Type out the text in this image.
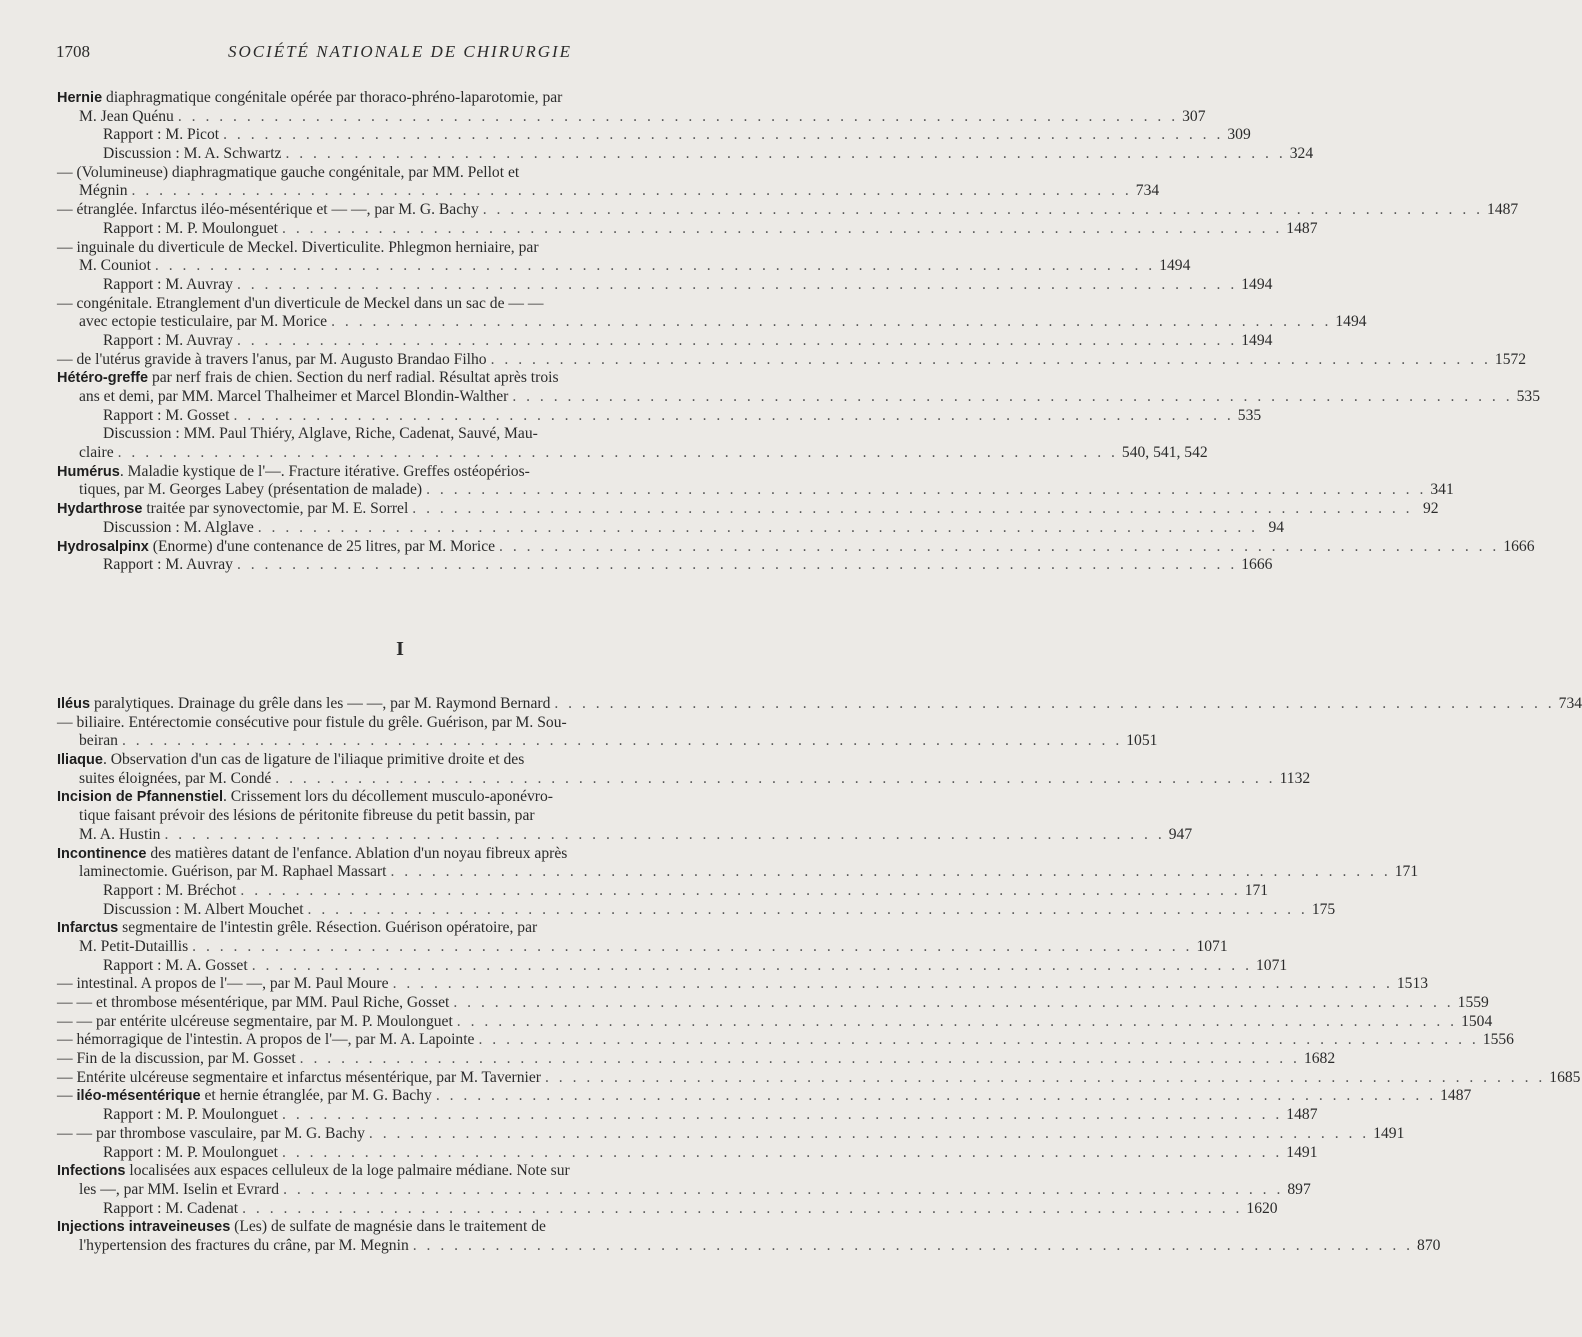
1708	SOCIÉTÉ NATIONALE DE CHIRURGIE
Hernie diaphragmatique congénitale opérée par thoraco-phréno-laparotomie, par
M. Jean Quénu . . . . . . . . . . . . . . . . . . . . . . . . . . . . . . . . . . . . . . . . . . . . . . . . . . . . . . . . . . . . . . . . . . . . . . . . . 307
Rapport : M. Picot . . . . . . . . . . . . . . . . . . . . . . . . . . . . . . . . . . . . . . . . . . . . . . . . . . . . . . . . . . . . . . . . . . . . . . . . . 309
Discussion : M. A. Schwartz . . . . . . . . . . . . . . . . . . . . . . . . . . . . . . . . . . . . . . . . . . . . . . . . . . . . . . . . . . . . . . . . . . . . . . . . . 324
— (Volumineuse) diaphragmatique gauche congénitale, par MM. Pellot et
Mégnin . . . . . . . . . . . . . . . . . . . . . . . . . . . . . . . . . . . . . . . . . . . . . . . . . . . . . . . . . . . . . . . . . . . . . . . . . 734
— étranglée. Infarctus iléo-mésentérique et — —, par M. G. Bachy . . . . . . . . . . . . . . . . . . . . . . . . . . . . . . . . . . . . . . . . . . . . . . . . . . . . . . . . . . . . . . . . . . . . . . . . . 1487
Rapport : M. P. Moulonguet . . . . . . . . . . . . . . . . . . . . . . . . . . . . . . . . . . . . . . . . . . . . . . . . . . . . . . . . . . . . . . . . . . . . . . . . . 1487
— inguinale du diverticule de Meckel. Diverticulite. Phlegmon herniaire, par
M. Couniot . . . . . . . . . . . . . . . . . . . . . . . . . . . . . . . . . . . . . . . . . . . . . . . . . . . . . . . . . . . . . . . . . . . . . . . . . 1494
Rapport : M. Auvray . . . . . . . . . . . . . . . . . . . . . . . . . . . . . . . . . . . . . . . . . . . . . . . . . . . . . . . . . . . . . . . . . . . . . . . . . 1494
— congénitale. Etranglement d'un diverticule de Meckel dans un sac de — —
avec ectopie testiculaire, par M. Morice . . . . . . . . . . . . . . . . . . . . . . . . . . . . . . . . . . . . . . . . . . . . . . . . . . . . . . . . . . . . . . . . . . . . . . . . . 1494
Rapport : M. Auvray . . . . . . . . . . . . . . . . . . . . . . . . . . . . . . . . . . . . . . . . . . . . . . . . . . . . . . . . . . . . . . . . . . . . . . . . . 1494
— de l'utérus gravide à travers l'anus, par M. Augusto Brandao Filho . . . . . . . . . . . . . . . . . . . . . . . . . . . . . . . . . . . . . . . . . . . . . . . . . . . . . . . . . . . . . . . . . . . . . . . . . 1572
Hétéro-greffe par nerf frais de chien. Section du nerf radial. Résultat après trois
ans et demi, par MM. Marcel Thalheimer et Marcel Blondin-Walther . . . . . . . . . . . . . . . . . . . . . . . . . . . . . . . . . . . . . . . . . . . . . . . . . . . . . . . . . . . . . . . . . . . . . . . . . 535
Rapport : M. Gosset . . . . . . . . . . . . . . . . . . . . . . . . . . . . . . . . . . . . . . . . . . . . . . . . . . . . . . . . . . . . . . . . . . . . . . . . . 535
Discussion : MM. Paul Thiéry, Alglave, Riche, Cadenat, Sauvé, Mau-
claire . . . . . . . . . . . . . . . . . . . . . . . . . . . . . . . . . . . . . . . . . . . . . . . . . . . . . . . . . . . . . . . . . . . . . . . . . 540, 541, 542
Humérus. Maladie kystique de l'—. Fracture itérative. Greffes ostéopérios-
tiques, par M. Georges Labey (présentation de malade) . . . . . . . . . . . . . . . . . . . . . . . . . . . . . . . . . . . . . . . . . . . . . . . . . . . . . . . . . . . . . . . . . . . . . . . . . 341
Hydarthrose traitée par synovectomie, par M. E. Sorrel . . . . . . . . . . . . . . . . . . . . . . . . . . . . . . . . . . . . . . . . . . . . . . . . . . . . . . . . . . . . . . . . . . . . . . . . . 92
Discussion : M. Alglave . . . . . . . . . . . . . . . . . . . . . . . . . . . . . . . . . . . . . . . . . . . . . . . . . . . . . . . . . . . . . . . . . . . . . . . . . 94
Hydrosalpinx (Enorme) d'une contenance de 25 litres, par M. Morice . . . . . . . . . . . . . . . . . . . . . . . . . . . . . . . . . . . . . . . . . . . . . . . . . . . . . . . . . . . . . . . . . . . . . . . . . 1666
Rapport : M. Auvray . . . . . . . . . . . . . . . . . . . . . . . . . . . . . . . . . . . . . . . . . . . . . . . . . . . . . . . . . . . . . . . . . . . . . . . . . 1666
I
Iléus paralytiques. Drainage du grêle dans les — —, par M. Raymond Bernard . . . . . . . . . . . . . . . . . . . . . . . . . . . . . . . . . . . . . . . . . . . . . . . . . . . . . . . . . . . . . . . . . . . . . . . . . 734
— biliaire. Entérectomie consécutive pour fistule du grêle. Guérison, par M. Sou-
beiran . . . . . . . . . . . . . . . . . . . . . . . . . . . . . . . . . . . . . . . . . . . . . . . . . . . . . . . . . . . . . . . . . . . . . . . . . 1051
Iliaque. Observation d'un cas de ligature de l'iliaque primitive droite et des
suites éloignées, par M. Condé . . . . . . . . . . . . . . . . . . . . . . . . . . . . . . . . . . . . . . . . . . . . . . . . . . . . . . . . . . . . . . . . . . . . . . . . . 1132
Incision de Pfannenstiel. Crissement lors du décollement musculo-aponévro-
tique faisant prévoir des lésions de péritonite fibreuse du petit bassin, par
M. A. Hustin . . . . . . . . . . . . . . . . . . . . . . . . . . . . . . . . . . . . . . . . . . . . . . . . . . . . . . . . . . . . . . . . . . . . . . . . . 947
Incontinence des matières datant de l'enfance. Ablation d'un noyau fibreux après
laminectomie. Guérison, par M. Raphael Massart . . . . . . . . . . . . . . . . . . . . . . . . . . . . . . . . . . . . . . . . . . . . . . . . . . . . . . . . . . . . . . . . . . . . . . . . . 171
Rapport : M. Bréchot . . . . . . . . . . . . . . . . . . . . . . . . . . . . . . . . . . . . . . . . . . . . . . . . . . . . . . . . . . . . . . . . . . . . . . . . . 171
Discussion : M. Albert Mouchet . . . . . . . . . . . . . . . . . . . . . . . . . . . . . . . . . . . . . . . . . . . . . . . . . . . . . . . . . . . . . . . . . . . . . . . . . 175
Infarctus segmentaire de l'intestin grêle. Résection. Guérison opératoire, par
M. Petit-Dutaillis . . . . . . . . . . . . . . . . . . . . . . . . . . . . . . . . . . . . . . . . . . . . . . . . . . . . . . . . . . . . . . . . . . . . . . . . . 1071
Rapport : M. A. Gosset . . . . . . . . . . . . . . . . . . . . . . . . . . . . . . . . . . . . . . . . . . . . . . . . . . . . . . . . . . . . . . . . . . . . . . . . . 1071
— intestinal. A propos de l'— —, par M. Paul Moure . . . . . . . . . . . . . . . . . . . . . . . . . . . . . . . . . . . . . . . . . . . . . . . . . . . . . . . . . . . . . . . . . . . . . . . . . 1513
— — et thrombose mésentérique, par MM. Paul Riche, Gosset . . . . . . . . . . . . . . . . . . . . . . . . . . . . . . . . . . . . . . . . . . . . . . . . . . . . . . . . . . . . . . . . . . . . . . . . . 1559
— — par entérite ulcéreuse segmentaire, par M. P. Moulonguet . . . . . . . . . . . . . . . . . . . . . . . . . . . . . . . . . . . . . . . . . . . . . . . . . . . . . . . . . . . . . . . . . . . . . . . . . 1504
— hémorragique de l'intestin. A propos de l'—, par M. A. Lapointe . . . . . . . . . . . . . . . . . . . . . . . . . . . . . . . . . . . . . . . . . . . . . . . . . . . . . . . . . . . . . . . . . . . . . . . . . 1556
— Fin de la discussion, par M. Gosset . . . . . . . . . . . . . . . . . . . . . . . . . . . . . . . . . . . . . . . . . . . . . . . . . . . . . . . . . . . . . . . . . . . . . . . . . 1682
— Entérite ulcéreuse segmentaire et infarctus mésentérique, par M. Tavernier . . . . . . . . . . . . . . . . . . . . . . . . . . . . . . . . . . . . . . . . . . . . . . . . . . . . . . . . . . . . . . . . . . . . . . . . . 1685
— iléo-mésentérique et hernie étranglée, par M. G. Bachy . . . . . . . . . . . . . . . . . . . . . . . . . . . . . . . . . . . . . . . . . . . . . . . . . . . . . . . . . . . . . . . . . . . . . . . . . 1487
Rapport : M. P. Moulonguet . . . . . . . . . . . . . . . . . . . . . . . . . . . . . . . . . . . . . . . . . . . . . . . . . . . . . . . . . . . . . . . . . . . . . . . . . 1487
— — par thrombose vasculaire, par M. G. Bachy . . . . . . . . . . . . . . . . . . . . . . . . . . . . . . . . . . . . . . . . . . . . . . . . . . . . . . . . . . . . . . . . . . . . . . . . . 1491
Rapport : M. P. Moulonguet . . . . . . . . . . . . . . . . . . . . . . . . . . . . . . . . . . . . . . . . . . . . . . . . . . . . . . . . . . . . . . . . . . . . . . . . . 1491
Infections localisées aux espaces celluleux de la loge palmaire médiane. Note sur
les —, par MM. Iselin et Evrard . . . . . . . . . . . . . . . . . . . . . . . . . . . . . . . . . . . . . . . . . . . . . . . . . . . . . . . . . . . . . . . . . . . . . . . . . 897
Rapport : M. Cadenat . . . . . . . . . . . . . . . . . . . . . . . . . . . . . . . . . . . . . . . . . . . . . . . . . . . . . . . . . . . . . . . . . . . . . . . . . 1620
Injections intraveineuses (Les) de sulfate de magnésie dans le traitement de
l'hypertension des fractures du crâne, par M. Megnin . . . . . . . . . . . . . . . . . . . . . . . . . . . . . . . . . . . . . . . . . . . . . . . . . . . . . . . . . . . . . . . . . . . . . . . . . 870
